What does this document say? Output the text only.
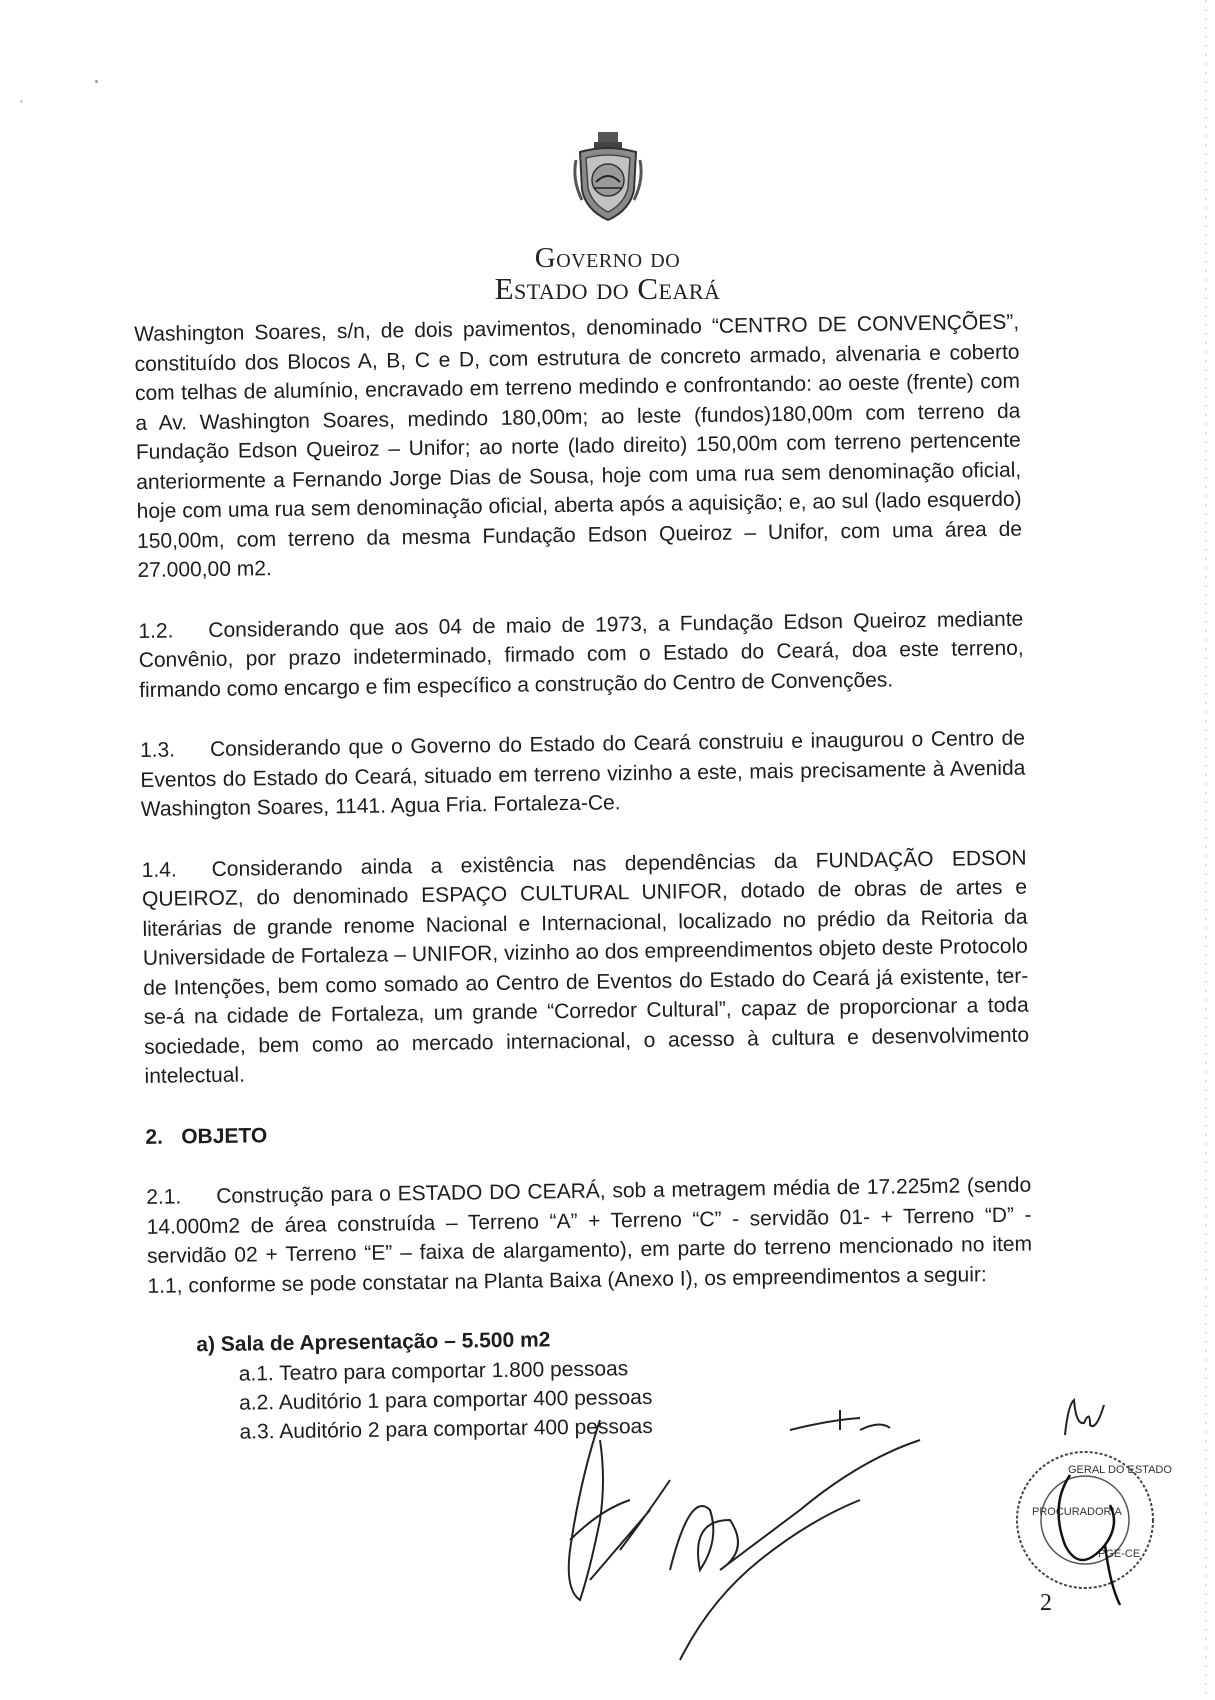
Governo do
Estado do Ceará

Washington Soares, s/n, de dois pavimentos, denominado “CENTRO DE CONVENÇÕES”, constituído dos Blocos A, B, C e D, com estrutura de concreto armado, alvenaria e coberto com telhas de alumínio, encravado em terreno medindo e confrontando: ao oeste (frente) com a Av. Washington Soares, medindo 180,00m; ao leste (fundos)180,00m com terreno da Fundação Edson Queiroz – Unifor; ao norte (lado direito) 150,00m com terreno pertencente anteriormente a Fernando Jorge Dias de Sousa, hoje com uma rua sem denominação oficial, hoje com uma rua sem denominação oficial, aberta após a aquisição; e, ao sul (lado esquerdo) 150,00m, com terreno da mesma Fundação Edson Queiroz – Unifor, com uma área de 27.000,00 m2.

1.2. Considerando que aos 04 de maio de 1973, a Fundação Edson Queiroz mediante Convênio, por prazo indeterminado, firmado com o Estado do Ceará, doa este terreno, firmando como encargo e fim específico a construção do Centro de Convenções.

1.3. Considerando que o Governo do Estado do Ceará construiu e inaugurou o Centro de Eventos do Estado do Ceará, situado em terreno vizinho a este, mais precisamente à Avenida Washington Soares, 1141. Agua Fria. Fortaleza-Ce.

1.4. Considerando ainda a existência nas dependências da FUNDAÇÃO EDSON QUEIROZ, do denominado ESPAÇO CULTURAL UNIFOR, dotado de obras de artes e literárias de grande renome Nacional e Internacional, localizado no prédio da Reitoria da Universidade de Fortaleza – UNIFOR, vizinho ao dos empreendimentos objeto deste Protocolo de Intenções, bem como somado ao Centro de Eventos do Estado do Ceará já existente, ter-se-á na cidade de Fortaleza, um grande “Corredor Cultural”, capaz de proporcionar a toda sociedade, bem como ao mercado internacional, o acesso à cultura e desenvolvimento intelectual.

2. OBJETO

2.1. Construção para o ESTADO DO CEARÁ, sob a metragem média de 17.225m2 (sendo 14.000m2 de área construída – Terreno “A” + Terreno “C” - servidão 01- + Terreno “D” - servidão 02 + Terreno “E” – faixa de alargamento), em parte do terreno mencionado no item 1.1, conforme se pode constatar na Planta Baixa (Anexo I), os empreendimentos a seguir:

a) Sala de Apresentação – 5.500 m2
a.1. Teatro para comportar 1.800 pessoas
a.2. Auditório 1 para comportar 400 pessoas
a.3. Auditório 2 para comportar 400 pessoas
PROCURADORIA
GERAL DO ESTADO
PGE-CE
2
